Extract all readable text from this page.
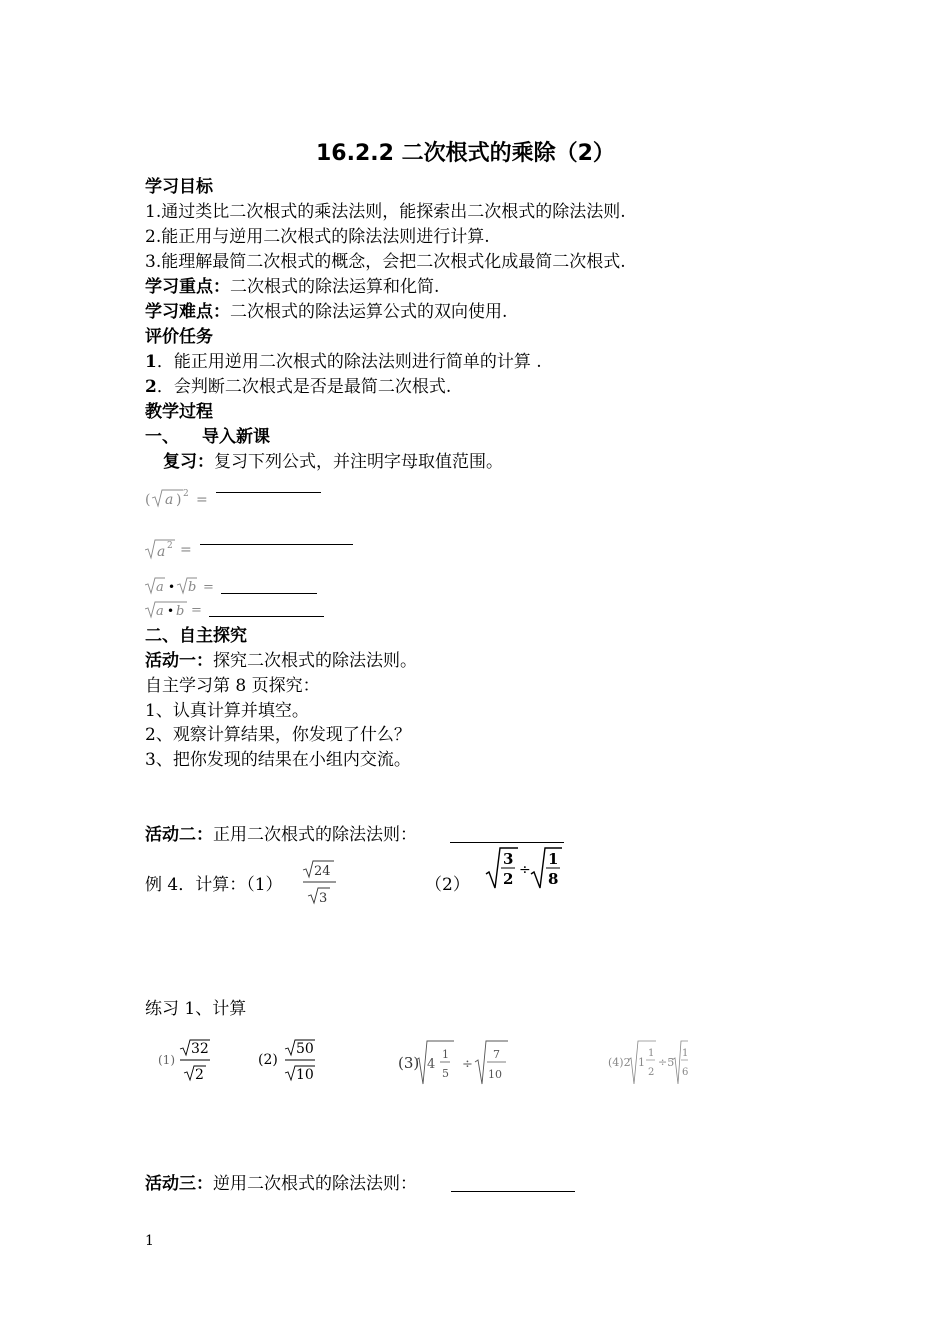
16.2.2 二次根式的乘除（2）
学习目标
1.通过类比二次根式的乘法法则，能探索出二次根式的除法法则.
2.能正用与逆用二次根式的除法法则进行计算.
3.能理解最简二次根式的概念，会把二次根式化成最简二次根式.
学习重点：二次根式的除法运算和化简.
学习难点：二次根式的除法运算公式的双向使用.
评价任务
1．能正用逆用二次根式的除法法则进行简单的计算 .
2．会判断二次根式是否是最简二次根式.
教学过程
一、 导入新课
复习：复习下列公式，并注明字母取值范围。
( a ) 2 =
a 2 =
a • b =
a • b =
二、自主探究
活动一：探究二次根式的除法法则。
自主学习第 8 页探究：
1、认真计算并填空。
2、观察计算结果，你发现了什么？
3、把你发现的结果在小组内交流。
活动二：正用二次根式的除法法则：
例 4．计算：（1）
24
3
（2）
3
2 ÷
1
8
练习 1、计算
(1)
32
2
(2)
50
10
(3) 4
1
5
÷
7
10
(4)2 1
1
2
÷5
1
6
活动三：逆用二次根式的除法法则：
1
